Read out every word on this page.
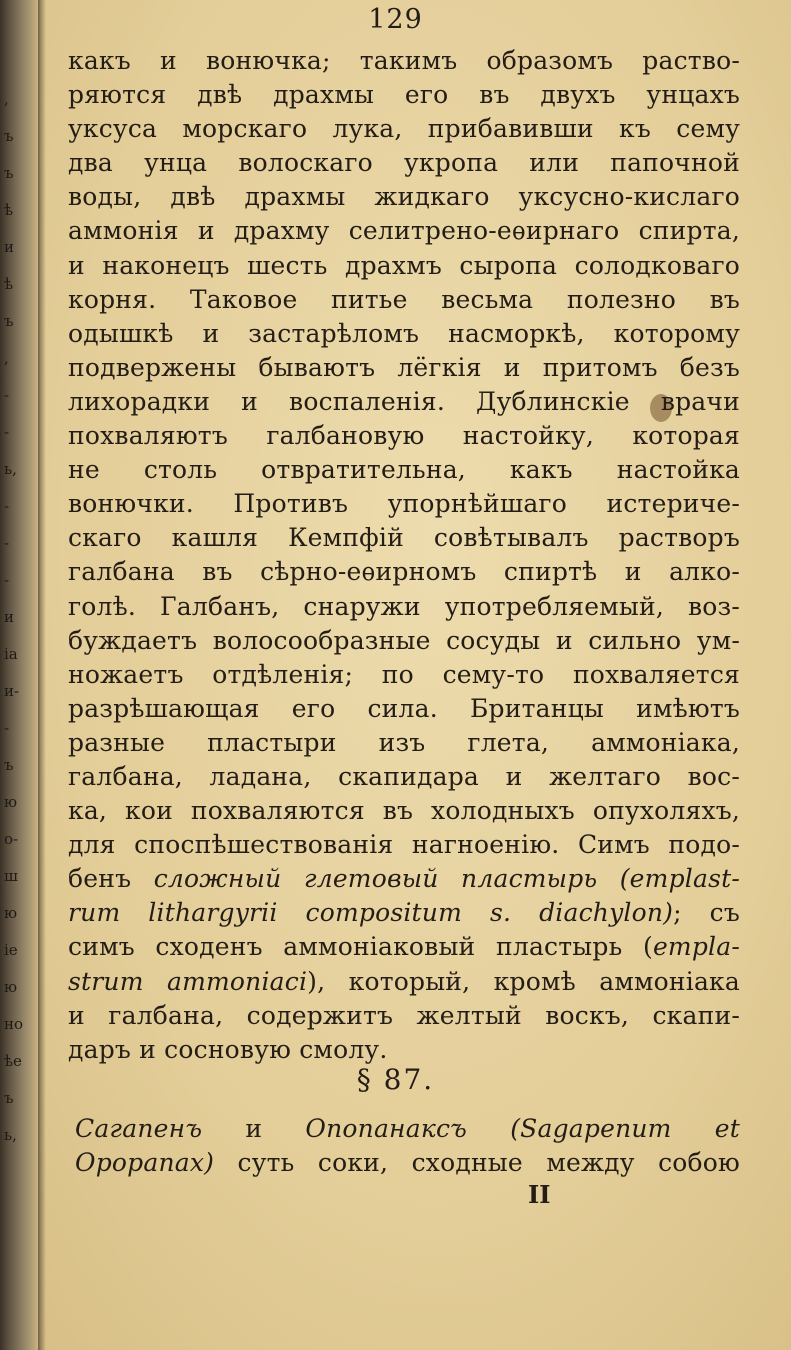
,
ъ
ъ
ѣ
и
ѣ
ъ
,
-
-
ь,
-
-
-
и
ia
и-
-
ъ
ю
о-
ш
ю
іе
ю
но
ѣе
ъ
ь,
129
какъ и вонючка; такимъ образомъ раство-
ряются двѣ драхмы его въ двухъ унцахъ
уксуса морскаго лука, прибавивши къ сему
два унца волоскаго укропа или папочной
воды, двѣ драхмы жидкаго уксусно-кислаго
аммонія и драхму селитрено-еѳирнаго спирта,
и наконецъ шесть драхмъ сыропа солодковаго
корня. Таковое питье весьма полезно въ
одышкѣ и застарѣломъ насморкѣ, которому
подвержены бываютъ лёгкія и притомъ безъ
лихорадки и воспаленія. Дублинскіе врачи
похваляютъ галбановую настойку, которая
не столь отвратительна, какъ настойка
вонючки. Противъ упорнѣйшаго истериче-
скаго кашля Кемпфій совѣтывалъ растворъ
галбана въ сѣрно-еѳирномъ спиртѣ и алко-
голѣ. Галбанъ, снаружи употребляемый, воз-
буждаетъ волосообразные сосуды и сильно ум-
ножаетъ отдѣленія; по сему-то похваляется
разрѣшающая его сила. Британцы имѣютъ
разные пластыри изъ глета, аммоніака,
галбана, ладана, скапидара и желтаго вос-
ка, кои похваляются въ холодныхъ опухоляхъ,
для споспѣшествованія нагноенію. Симъ подо-
бенъ сложный глетовый пластырь (emplast-
rum lithargyrii compositum s. diachylon); съ
симъ сходенъ аммоніаковый пластырь (empla-
strum ammoniaci), который, кромѣ аммоніака
и галбана, содержитъ желтый воскъ, скапи-
даръ и сосновую смолу.
§ 87.
Сагапенъ и Опопанаксъ (Sagapenum et
Opopanax) суть соки, сходные между собою
II
